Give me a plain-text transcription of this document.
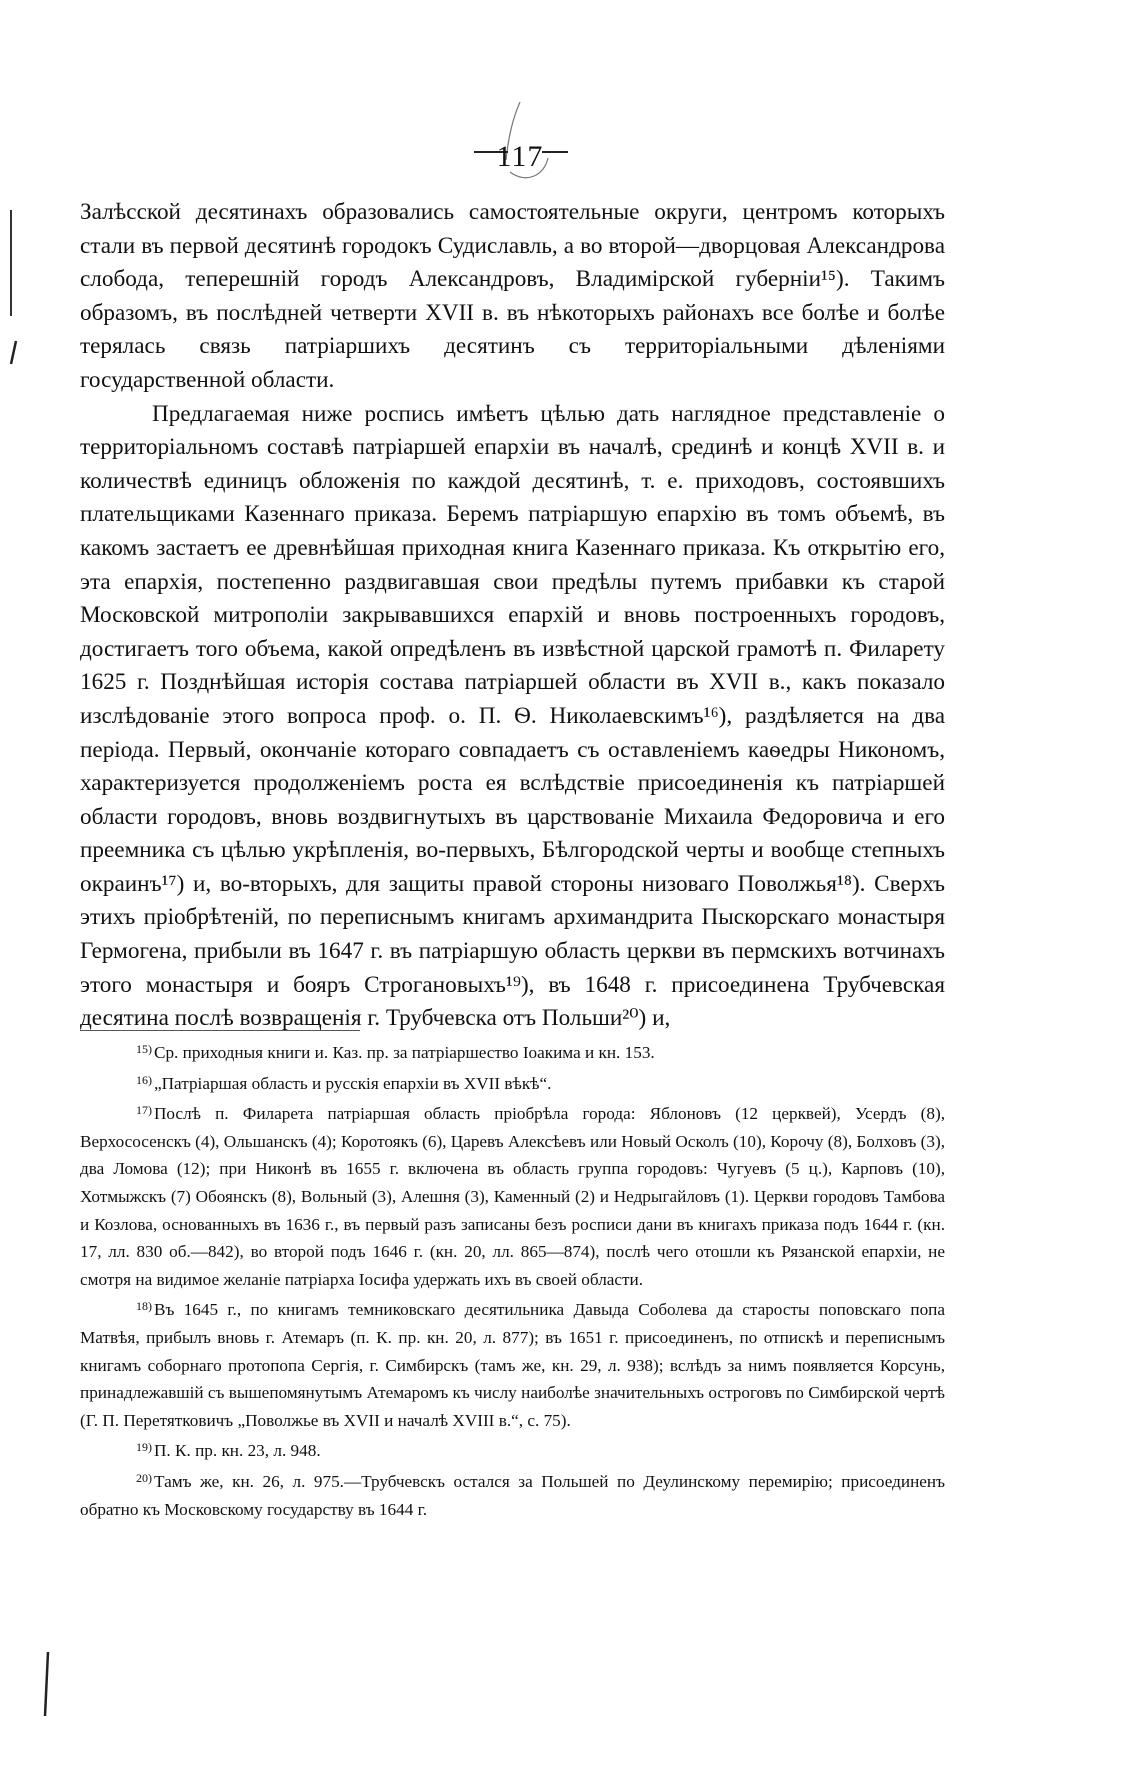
117

Залѣсской десятинахъ образовались самостоятельные округи, центромъ которыхъ стали въ первой десятинѣ городокъ Судиславль, а во второй—дворцовая Александрова слобода, теперешній городъ Александровъ, Владимірской губерніи¹⁵). Такимъ образомъ, въ послѣдней четверти XVII в. въ нѣкоторыхъ районахъ все болѣе и болѣе терялась связь патріаршихъ десятинъ съ территоріальными дѣленіями государственной области.

Предлагаемая ниже роспись имѣетъ цѣлью дать наглядное представленіе о территоріальномъ составѣ патріаршей епархіи въ началѣ, срединѣ и концѣ XVII в. и количествѣ единицъ обложенія по каждой десятинѣ, т. е. приходовъ, состоявшихъ плательщиками Казеннаго приказа. Беремъ патріаршую епархію въ томъ объемѣ, въ какомъ застаетъ ее древнѣйшая приходная книга Казеннаго приказа. Къ открытію его, эта епархія, постепенно раздвигавшая свои предѣлы путемъ прибавки къ старой Московской митрополіи закрывавшихся епархій и вновь построенныхъ городовъ, достигаетъ того объема, какой опредѣленъ въ извѣстной царской грамотѣ п. Филарету 1625 г. Позднѣйшая исторія состава патріаршей области въ XVII в., какъ показало изслѣдованіе этого вопроса проф. о. П. Ѳ. Николаевскимъ¹⁶), раздѣляется на два періода. Первый, окончаніе котораго совпадаетъ съ оставленіемъ каѳедры Никономъ, характеризуется продолженіемъ роста ея вслѣдствіе присоединенія къ патріаршей области городовъ, вновь воздвигнутыхъ въ царствованіе Михаила Федоровича и его преемника съ цѣлью укрѣпленія, во-первыхъ, Бѣлгородской черты и вообще степныхъ окраинъ¹⁷) и, во-вторыхъ, для защиты правой стороны низоваго Поволжья¹⁸). Сверхъ этихъ пріобрѣтеній, по переписнымъ книгамъ архимандрита Пыскорскаго монастыря Гермогена, прибыли въ 1647 г. въ патріаршую область церкви въ пермскихъ вотчинахъ этого монастыря и бояръ Строгановыхъ¹⁹), въ 1648 г. присоединена Трубчевская десятина послѣ возвращенія г. Трубчевска отъ Польши²⁰) и,

$^{15)}$ Ср. приходныя книги и. Каз. пр. за патріаршество Іоакима и кн. 153.

$^{16)}$ „Патріаршая область и русскія епархіи въ XVII вѣкѣ“.

$^{17)}$ Послѣ п. Филарета патріаршая область пріобрѣла города: Яблоновъ (12 церквей), Усердъ (8), Верхососенскъ (4), Ольшанскъ (4); Коротоякъ (6), Царевъ Алексѣевъ или Новый Осколъ (10), Корочу (8), Болховъ (3), два Ломова (12); при Никонѣ въ 1655 г. включена въ область группа городовъ: Чугуевъ (5 ц.), Карповъ (10), Хотмыжскъ (7) Обоянскъ (8), Вольный (3), Алешня (3), Каменный (2) и Недрыгайловъ (1). Церкви городовъ Тамбова и Козлова, основанныхъ въ 1636 г., въ первый разъ записаны безъ росписи дани въ книгахъ приказа подъ 1644 г. (кн. 17, лл. 830 об.—842), во второй подъ 1646 г. (кн. 20, лл. 865—874), послѣ чего отошли къ Рязанской епархіи, не смотря на видимое желаніе патріарха Іосифа удержать ихъ въ своей области.

$^{18)}$ Въ 1645 г., по книгамъ темниковскаго десятильника Давыда Соболева да старосты поповскаго попа Матвѣя, прибылъ вновь г. Атемаръ (п. К. пр. кн. 20, л. 877); въ 1651 г. присоединенъ, по отпискѣ и переписнымъ книгамъ соборнаго протопопа Сергія, г. Симбирскъ (тамъ же, кн. 29, л. 938); вслѣдъ за нимъ появляется Корсунь, принадлежавшій съ вышепомянутымъ Атемаромъ къ числу наиболѣе значительныхъ остроговъ по Симбирской чертѣ (Г. П. Перетятковичъ „Поволжье въ XVII и началѣ XVIII в.“, с. 75).

$^{19)}$ П. К. пр. кн. 23, л. 948.

$^{20)}$ Тамъ же, кн. 26, л. 975.—Трубчевскъ остался за Польшей по Деулинскому перемирію; присоединенъ обратно къ Московскому государству въ 1644 г.
